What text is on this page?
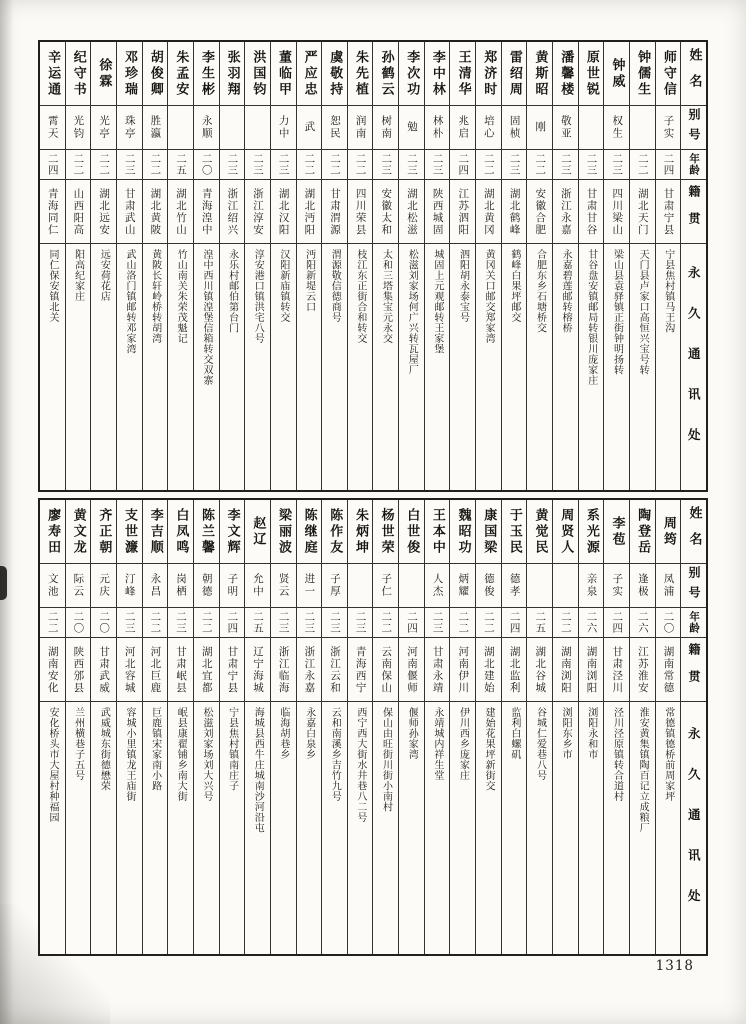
姓名
别号
年龄
籍贯
永久通讯处
师守信
子实
二四
甘肃宁县
宁县焦村镇马王沟
钟儒生
二二
湖北天门
天门县卢家口高恒兴宝号转
钟威
权生
二三
四川梁山
梁山县袁驿镇正街钟明扬转
原世锐
二三
甘肃甘谷
甘谷盘安镇邮局转银川庞家庄
潘馨楼
敬亚
二三
浙江永嘉
永嘉碧莲邮转榕桥
黄斯昭
刚
二二
安徽合肥
合肥东乡石塘桥交
雷绍周
固桢
二三
湖北鹤峰
鹤峰白果坪邮交
郑济时
培心
二二
湖北黄冈
黄冈关口邮交郑家湾
王清华
兆启
二四
江苏泗阳
泗阳胡永泰宝号
李中林
林朴
二三
陕西城固
城固上元观邮转王家堡
李次功
勉
二三
湖北松滋
松滋刘家场何广兴转瓦屋厂
孙鹤云
树南
二三
安徽太和
太和三塔集宝元永交
朱先植
润南
二二
四川荣县
枝江东正街合和转交
虞敬持
恕民
二二
甘肃渭源
渭源敬信德商号
严应忠
武
二二
湖北沔阳
沔阳新堤云口
董临甲
力中
二三
湖北汉阳
汉阳新庙镇转交
洪国钧
二三
浙江淳安
淳安港口镇洪宅八号
张羽翔
二三
浙江绍兴
永乐村邮伯第台门
李生彬
永顺
二〇
青海湟中
湟中西川镇湟堡信箱转交双寨
朱孟安
二五
湖北竹山
竹山南关朱荣茂魁记
胡俊卿
胜瀛
二二
湖北黄陂
黄陂长轩岭桥转胡湾
邓珍瑞
珠亭
二三
甘肃武山
武山洛门镇邮转邓家湾
徐霖
光亭
二二
湖北远安
远安荷花店
纪守书
光钧
二二
山西阳高
阳高纪家庄
辛运通
霄天
二四
青海同仁
同仁保安镇北关
姓名
别号
年龄
籍贯
永久通讯处
周筠
凤浦
二〇
湖南常德
常德镇德桥前周家坪
陶登岳
逢极
二六
江苏淮安
淮安黄集镇陶百记立成粮厂
李苞
子实
二四
甘肃泾川
泾川泾原镇转合道村
系光源
亲泉
二六
湖南浏阳
浏阳永和市
周贤人
二二
湖南浏阳
浏阳东乡市
黄觉民
二五
湖北谷城
谷城仁爱巷八号
于玉民
德孝
二四
湖北监利
监利白螺矶
康国梁
德俊
二二
湖北建始
建始花果坪新街交
魏昭功
炳耀
二二
河南伊川
伊川西乡庞家庄
王本中
人杰
二三
甘肃永靖
永靖城内祥生堂
白世俊
二四
河南偃师
偃师孙家湾
杨世荣
子仁
二二
云南保山
保山由旺街川街小南村
朱炳坤
二三
青海西宁
西宁西大街水井巷八二号
陈作友
子厚
二三
浙江云和
云和南溪乡吉竹九号
陈继庭
进一
二三
浙江永嘉
永嘉白泉乡
梁丽波
贤云
二三
浙江临海
临海胡巷乡
赵辽
允中
二五
辽宁海城
海城县西牛庄城南沙河沿屯
李文辉
子明
二四
甘肃宁县
宁县焦村镇南庄子
陈兰馨
朝德
二二
湖北宜都
松滋刘家场刘大兴号
白凤鸣
岗栖
二三
甘肃岷县
岷县康翟铺乡南大街
李吉顺
永昌
二二
河北巨鹿
巨鹿镇宋家南小路
支世濂
汀峰
二三
河北容城
容城小里镇龙王庙街
齐正朝
元庆
二〇
甘肃武威
武威城东街德懋荣
黄文龙
际云
二〇
陕西邠县
兰州横巷子五号
廖寿田
文池
二二
湖南安化
安化桥头市大屋村种福园
1318
